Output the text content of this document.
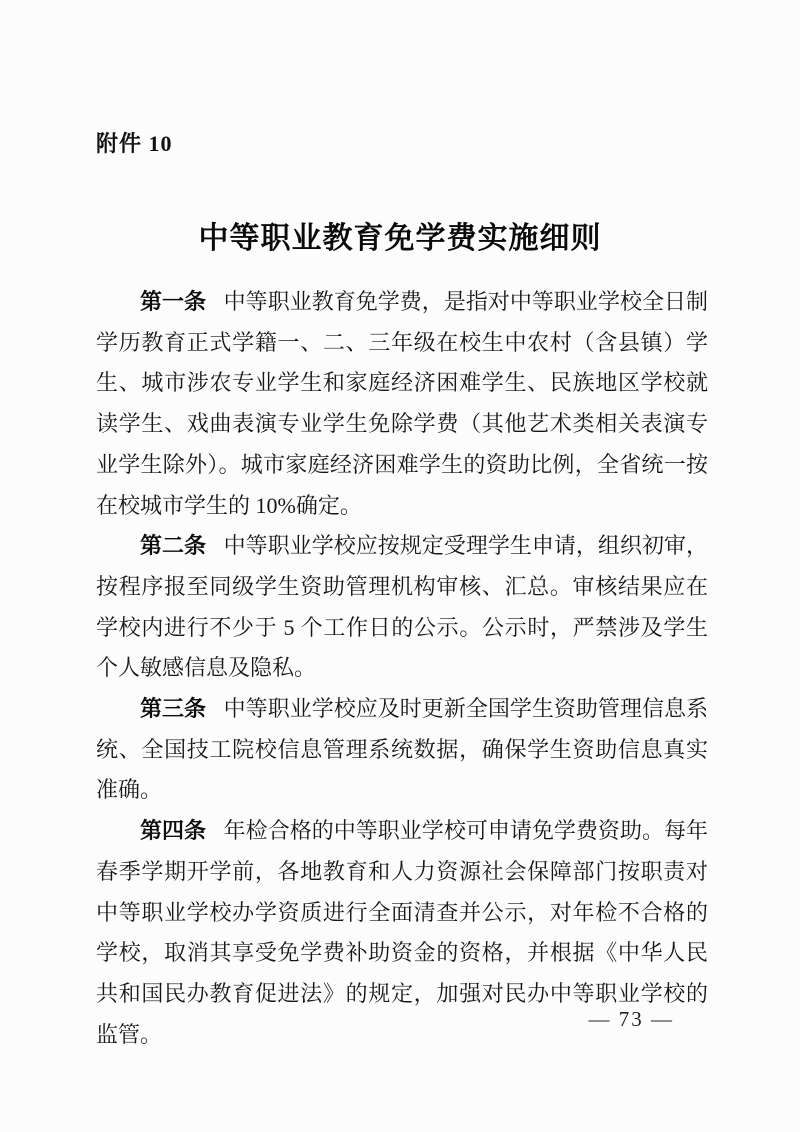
附件 10
中等职业教育免学费实施细则

第一条 中等职业教育免学费，是指对中等职业学校全日制学历教育正式学籍一、二、三年级在校生中农村（含县镇）学生、城市涉农专业学生和家庭经济困难学生、民族地区学校就读学生、戏曲表演专业学生免除学费（其他艺术类相关表演专业学生除外）。城市家庭经济困难学生的资助比例，全省统一按在校城市学生的 10%确定。

第二条 中等职业学校应按规定受理学生申请，组织初审，按程序报至同级学生资助管理机构审核、汇总。审核结果应在学校内进行不少于 5 个工作日的公示。公示时，严禁涉及学生个人敏感信息及隐私。

第三条 中等职业学校应及时更新全国学生资助管理信息系统、全国技工院校信息管理系统数据，确保学生资助信息真实准确。

第四条 年检合格的中等职业学校可申请免学费资助。每年春季学期开学前，各地教育和人力资源社会保障部门按职责对中等职业学校办学资质进行全面清查并公示，对年检不合格的学校，取消其享受免学费补助资金的资格，并根据《中华人民共和国民办教育促进法》的规定，加强对民办中等职业学校的监管。

— 73 —
